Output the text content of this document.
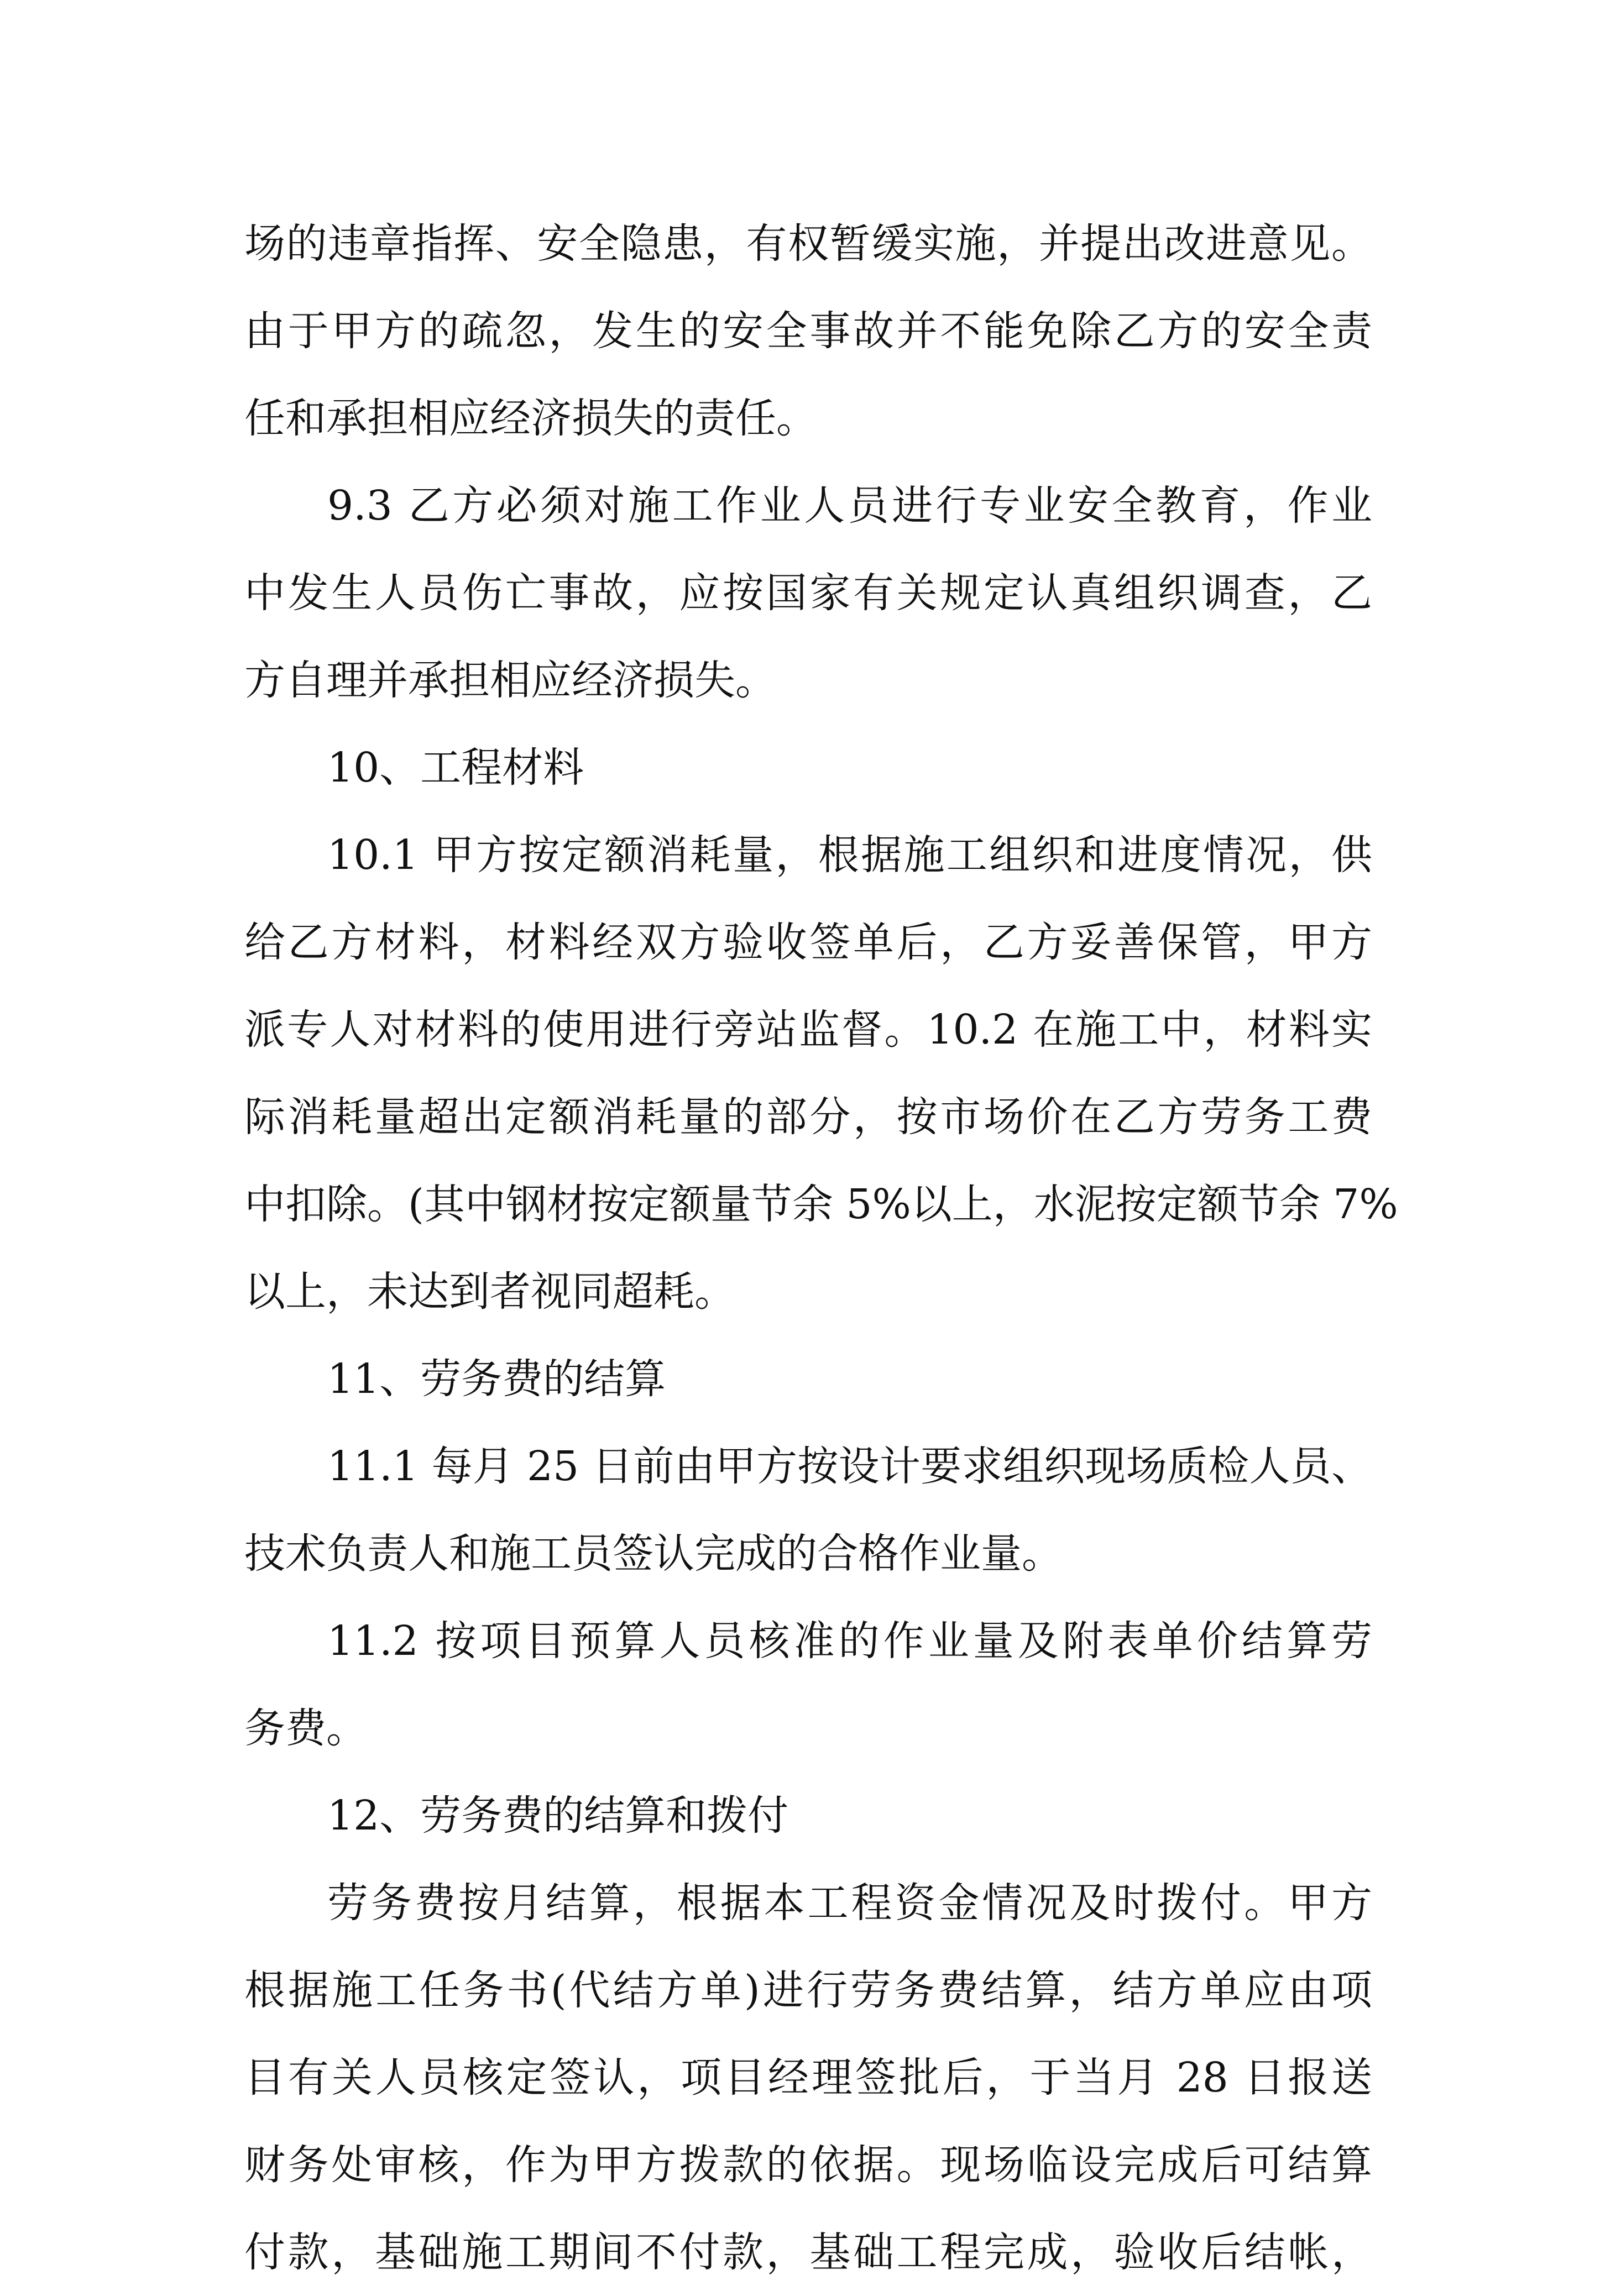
场的违章指挥、安全隐患，有权暂缓实施，并提出改进意见。
由于甲方的疏忽，发生的安全事故并不能免除乙方的安全责
任和承担相应经济损失的责任。
9.3 乙方必须对施工作业人员进行专业安全教育，作业
中发生人员伤亡事故，应按国家有关规定认真组织调查，乙
方自理并承担相应经济损失。
10、工程材料
10.1 甲方按定额消耗量，根据施工组织和进度情况，供
给乙方材料，材料经双方验收签单后，乙方妥善保管，甲方
派专人对材料的使用进行旁站监督。10.2 在施工中，材料实
际消耗量超出定额消耗量的部分，按市场价在乙方劳务工费
中扣除。(其中钢材按定额量节余 5%以上，水泥按定额节余 7%
以上，未达到者视同超耗。
11、劳务费的结算
11.1 每月 25 日前由甲方按设计要求组织现场质检人员、
技术负责人和施工员签认完成的合格作业量。
11.2 按项目预算人员核准的作业量及附表单价结算劳
务费。
12、劳务费的结算和拨付
劳务费按月结算，根据本工程资金情况及时拨付。甲方
根据施工任务书(代结方单)进行劳务费结算，结方单应由项
目有关人员核定签认，项目经理签批后，于当月 28 日报送
财务处审核，作为甲方拨款的依据。现场临设完成后可结算
付款，基础施工期间不付款，基础工程完成，验收后结帐，
